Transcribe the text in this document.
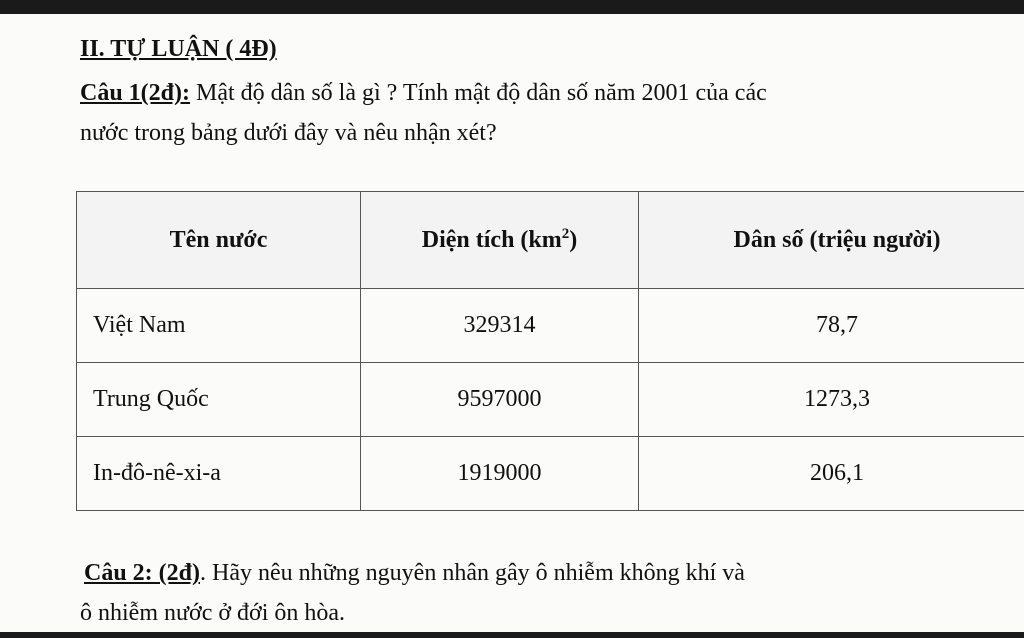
II. TỰ LUẬN ( 4Đ)
Câu 1(2đ): Mật độ dân số là gì ? Tính mật độ dân số năm 2001 của các
nước trong bảng dưới đây và nêu nhận xét?
Tên nước	Diện tích $(km^2)$	Dân số (triệu người)
Việt Nam	329314	78,7
Trung Quốc	9597000	1273,3
In-đô-nê-xi-a	1919000	206,1
Câu 2: (2đ). Hãy nêu những nguyên nhân gây ô nhiễm không khí và
ô nhiễm nước ở đới ôn hòa.
